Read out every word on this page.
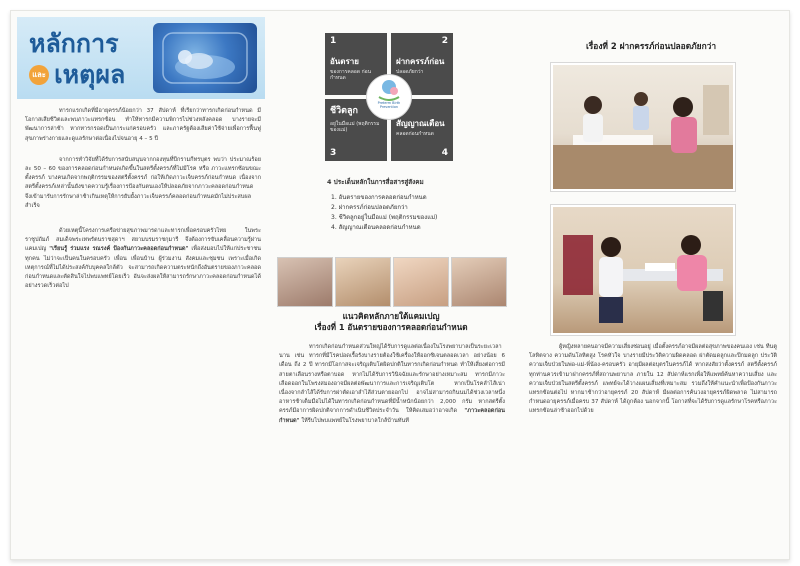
หลักการ
และ เหตุผล

ทารกแรกเกิดที่มีอายุครรภ์น้อยกว่า 37 สัปดาห์ ที่เรียกว่าทารกเกิดก่อนกำหนด มีโอกาสเสียชีวิตและพบภาวะแทรกซ้อน ทำให้ทารกมีความพิการไปช่วงหลังคลอด บางรายจะมีพัฒนาการล่าช้า หากทารกรอดเป็นภาระแก่ครอบครัว และภาครัฐต้องเสียค่าใช้จ่ายเพื่อการฟื้นฟูสุขภาพร่างกายและดูแลรักษาต่อเนื่องไปจนอายุ 4 – 5 ปี

จากการทำวิจัยที่ได้รับการสนับสนุนจากกองทุนที่ปีกรามกีทรบุตร พบว่า ประมาณร้อยละ 50 – 60 ของการคลอดก่อนกำหนดเกิดขึ้นในสตรีตั้งครรภ์ที่ไม่มีโรค หรือ ภาวะแทรกซ้อนขณะตั้งครรภ์ บางคนเกิดจากพฤติกรรมของสตรีตั้งครรภ์ ก่อให้เกิดภาวะเจ็บครรภ์ก่อนกำหนด เนื่องจากสตรีตั้งครรภ์เหล่านั้นยังขาดความรู้เรื่องการป้องกันตนเองให้ปลอดภัยจากภาวะคลอดก่อนกำหนด จึงเข้ามารับการรักษาล่าช้าเกินเหตุให้การยับยั้งภาวะเจ็บครรภ์คลอดก่อนกำหนดมักไม่ประสบผลสำเร็จ

ด้วยเหตุนี้โครงการเครือข่ายสุขภาพมารดาและทารกเพื่อครอบครัวไทย ในพระราชูปถัมภ์ สมเด็จพระเทพรัตนราชสุดาฯ สยามบรมราชกุมารี จึงต้องการขับเคลื่อนความรู้ผ่านแคมเปญ "เรียนรู้ ร่วมแรง รณรงค์ ป้องกันภาวะคลอดก่อนกำหนด" เพื่อส่งมอบไปให้แก่ประชาชนทุกคน ไม่ว่าจะเป็นคนในครอบครัว เพื่อน เพื่อนบ้าน ผู้ร่วมงาน สังคมและชุมชน เพราะเมื่อเกิดเหตุการณ์ที่ไม่ได้ประสงค์กับบุคคลใกล้ตัว จะสามารถเกิดความตระหนักถึงอันตรายของภาวะคลอดก่อนกำหนดและตัดสินใจไปพบแพทย์โดยเร็ว อันจะส่งผลให้สามารถรักษาภาวะคลอดก่อนกำหนดได้อย่างรวดเร็วต่อไป

1
อันตราย
ของการคลอด ก่อนกำหนด
2
ฝากครรภ์ก่อน
ปลอดภัยกว่า
ชีวิตลูก
อยู่ในมือแม่ (พฤติกรรมของแม่)
3
สัญญาณเตือน
คลอดก่อนกำหนด
4
Preterm Birth Prevention
4 ประเด็นหลักในการสื่อสารสู่สังคม
1. อันตรายของการคลอดก่อนกำหนด
2. ฝากครรภ์ก่อนปลอดภัยกว่า
3. ชีวิตลูกอยู่ในมือแม่ (พฤติกรรมของแม่)
4. สัญญาณเตือนคลอดก่อนกำหนด
แนวคิดหลักภายใต้แคมเปญ
เรื่องที่ 1 อันตรายของการคลอดก่อนกำหนด

ทารกเกิดก่อนกำหนดส่วนใหญ่ได้รับการดูแลต่อเนื่องในโรงพยาบาลเป็นระยะเวลานาน เช่น ทารกที่มีโรคปอดเรื้อรังบางรายต้องใช้เครื่องให้ออกซิเจนตลอดเวลา อย่างน้อย 6 เดือน ถึง 2 ปี ทารกมีโอกาสจะเจริญเติบโตผิดปกติในทารกเกิดก่อนกำหนด ทำให้เสี่ยงต่อการมีสายตาเลือนรางหรือตาบอด หากไม่ได้รับการวินิจฉัยและรักษาอย่างเหมาะสม ทารกมีภาวะเลือดออกในโพรงสมองอาจมีผลต่อพัฒนาการและการเจริญเติบโต หากเป็นโรคลำไส้เน่าเนื่องจากลำไส้ได้รับการผ่าตัดเอาลำไส้ส่วนตายออกไป อาจไม่สามารถกินนมได้ช่วงเวลาหนึ่ง อาหารช้าเต็มมือไม่ได้ในทารกเกิดก่อนกำหนดที่มีน้ำหนักน้อยกว่า 2,000 กรัม หากสตรีตั้งครรภ์มีอาการผิดปกติจากการดำเนินชีวิตประจำวัน ให้คิดเสมอว่าอาจเกิด "ภาวะคลอดก่อนกำหนด" ให้รีบไปพบแพทย์ในโรงพยาบาลใกล้บ้านทันที

เรื่องที่ 2 ฝากครรภ์ก่อนปลอดภัยกว่า

ผู้หญิงหลายคนอาจมีความเสี่ยงซ่อนอยู่ เมื่อตั้งครรภ์อาจมีผลต่อสุขภาพของคนเอง เช่น ทีนตู โลหิตจาง ความดันโลหิตสูง โรคหัวใจ บางรายมีประวัติความผิดคลอด ผ่าตัดมดลูกและปีกมดลูก ประวัติความเจ็บป่วยในพ่อ-แม่-พี่น้อง-ครอบครัว อายุมีผลต่อบุตรในครรภ์ได้ หากสงสัยว่าตั้งครรภ์ สตรีตั้งครรภ์ทุกท่านควรเข้ามาฝากครรภ์ที่สถานพยาบาล ภายใน 12 สัปดาห์แรกเพื่อให้แพทย์ค้นหาความเสี่ยง และความเจ็บป่วยในสตรีตั้งครรภ์ แพทย์จะได้วางแผนเสี่ยงที่เหมาะสม รวมถึงให้คำแนะนำเพื่อป้องกันภาวะแทรกซ้อนต่อไป หากมาช้ากว่าอายุครรภ์ 20 สัปดาห์ มีผลต่อการค้นวงอายุครรภ์ผิดพลาด ไม่สามารถกำหนดอายุครรภ์เมื่อครบ 37 สัปดาห์ ได้ถูกต้อง นอกจากนี้ โอกาสที่จะได้รับการดูแลรักษาโรคหรือภาวะแทรกซ้อนล่าช้าออกไปด้วย
